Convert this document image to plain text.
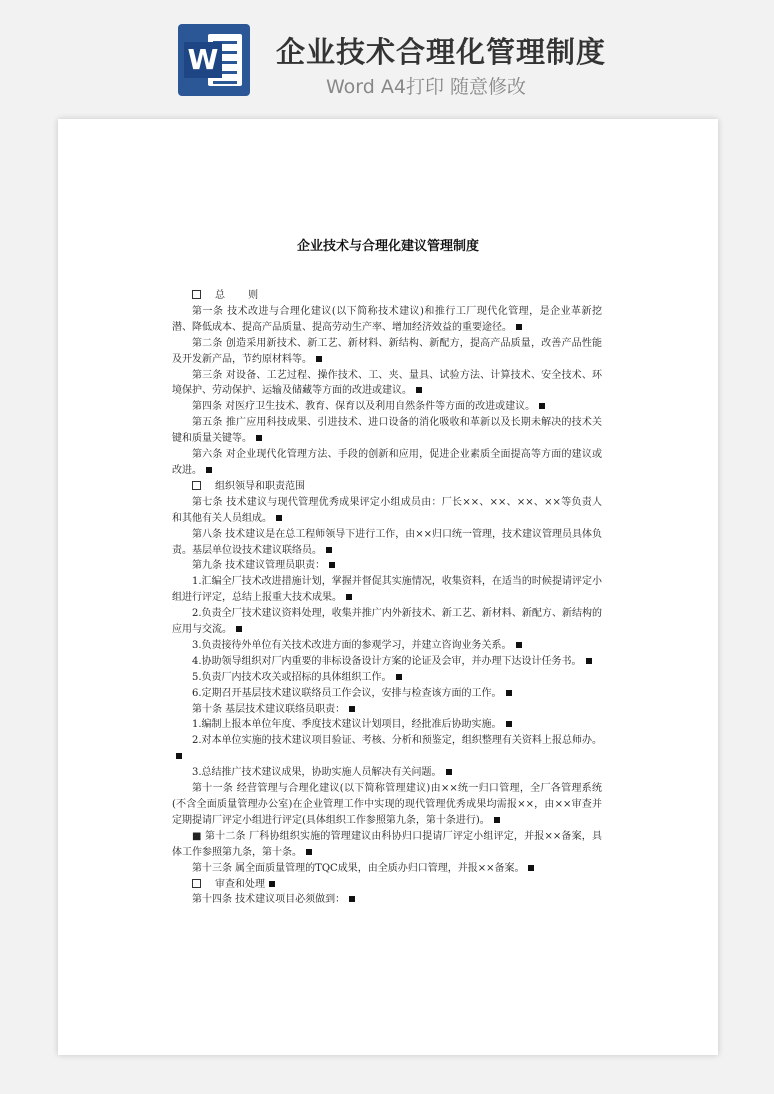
W 企业技术合理化管理制度
Word A4打印 随意修改
企业技术与合理化建议管理制度

总 则

第一条 技术改进与合理化建议(以下简称技术建议)和推行工厂现代化管理，是企业革新挖潜、降低成本、提高产品质量、提高劳动生产率、增加经济效益的重要途径。

第二条 创造采用新技术、新工艺、新材料、新结构、新配方，提高产品质量，改善产品性能及开发新产品，节约原材料等。

第三条 对设备、工艺过程、操作技术、工、夹、量具、试验方法、计算技术、安全技术、环境保护、劳动保护、运输及储藏等方面的改进或建议。

第四条 对医疗卫生技术、教育、保育以及利用自然条件等方面的改进或建议。

第五条 推广应用科技成果、引进技术、进口设备的消化吸收和革新以及长期未解决的技术关键和质量关键等。

第六条 对企业现代化管理方法、手段的创新和应用，促进企业素质全面提高等方面的建议或改进。

组织领导和职责范围

第七条 技术建议与现代管理优秀成果评定小组成员由：厂长××、××、××、××等负责人和其他有关人员组成。

第八条 技术建议是在总工程师领导下进行工作，由××归口统一管理，技术建议管理员具体负责。基层单位设技术建议联络员。

第九条 技术建议管理员职责：

1.汇编全厂技术改进措施计划，掌握并督促其实施情况，收集资料，在适当的时候提请评定小组进行评定，总结上报重大技术成果。

2.负责全厂技术建议资料处理，收集并推广内外新技术、新工艺、新材料、新配方、新结构的应用与交流。

3.负责接待外单位有关技术改进方面的参观学习，并建立咨询业务关系。

4.协助领导组织对厂内重要的非标设备设计方案的论证及会审，并办理下达设计任务书。

5.负责厂内技术攻关或招标的具体组织工作。

6.定期召开基层技术建议联络员工作会议，安排与检查该方面的工作。

第十条 基层技术建议联络员职责：

1.编制上报本单位年度、季度技术建议计划项目，经批准后协助实施。

2.对本单位实施的技术建议项目验证、考核、分析和预鉴定，组织整理有关资料上报总师办。

3.总结推广技术建议成果，协助实施人员解决有关问题。

第十一条 经营管理与合理化建议(以下简称管理建议)由××统一归口管理，全厂各管理系统(不含全面质量管理办公室)在企业管理工作中实现的现代管理优秀成果均需报××，由××审查并定期提请厂评定小组进行评定(具体组织工作参照第九条，第十条进行)。

■ 第十二条 厂科协组织实施的管理建议由科协归口提请厂评定小组评定，并报××备案，具体工作参照第九条，第十条。

第十三条 属全面质量管理的TQC成果，由全质办归口管理，并报××备案。

审查和处理

第十四条 技术建议项目必须做到：
